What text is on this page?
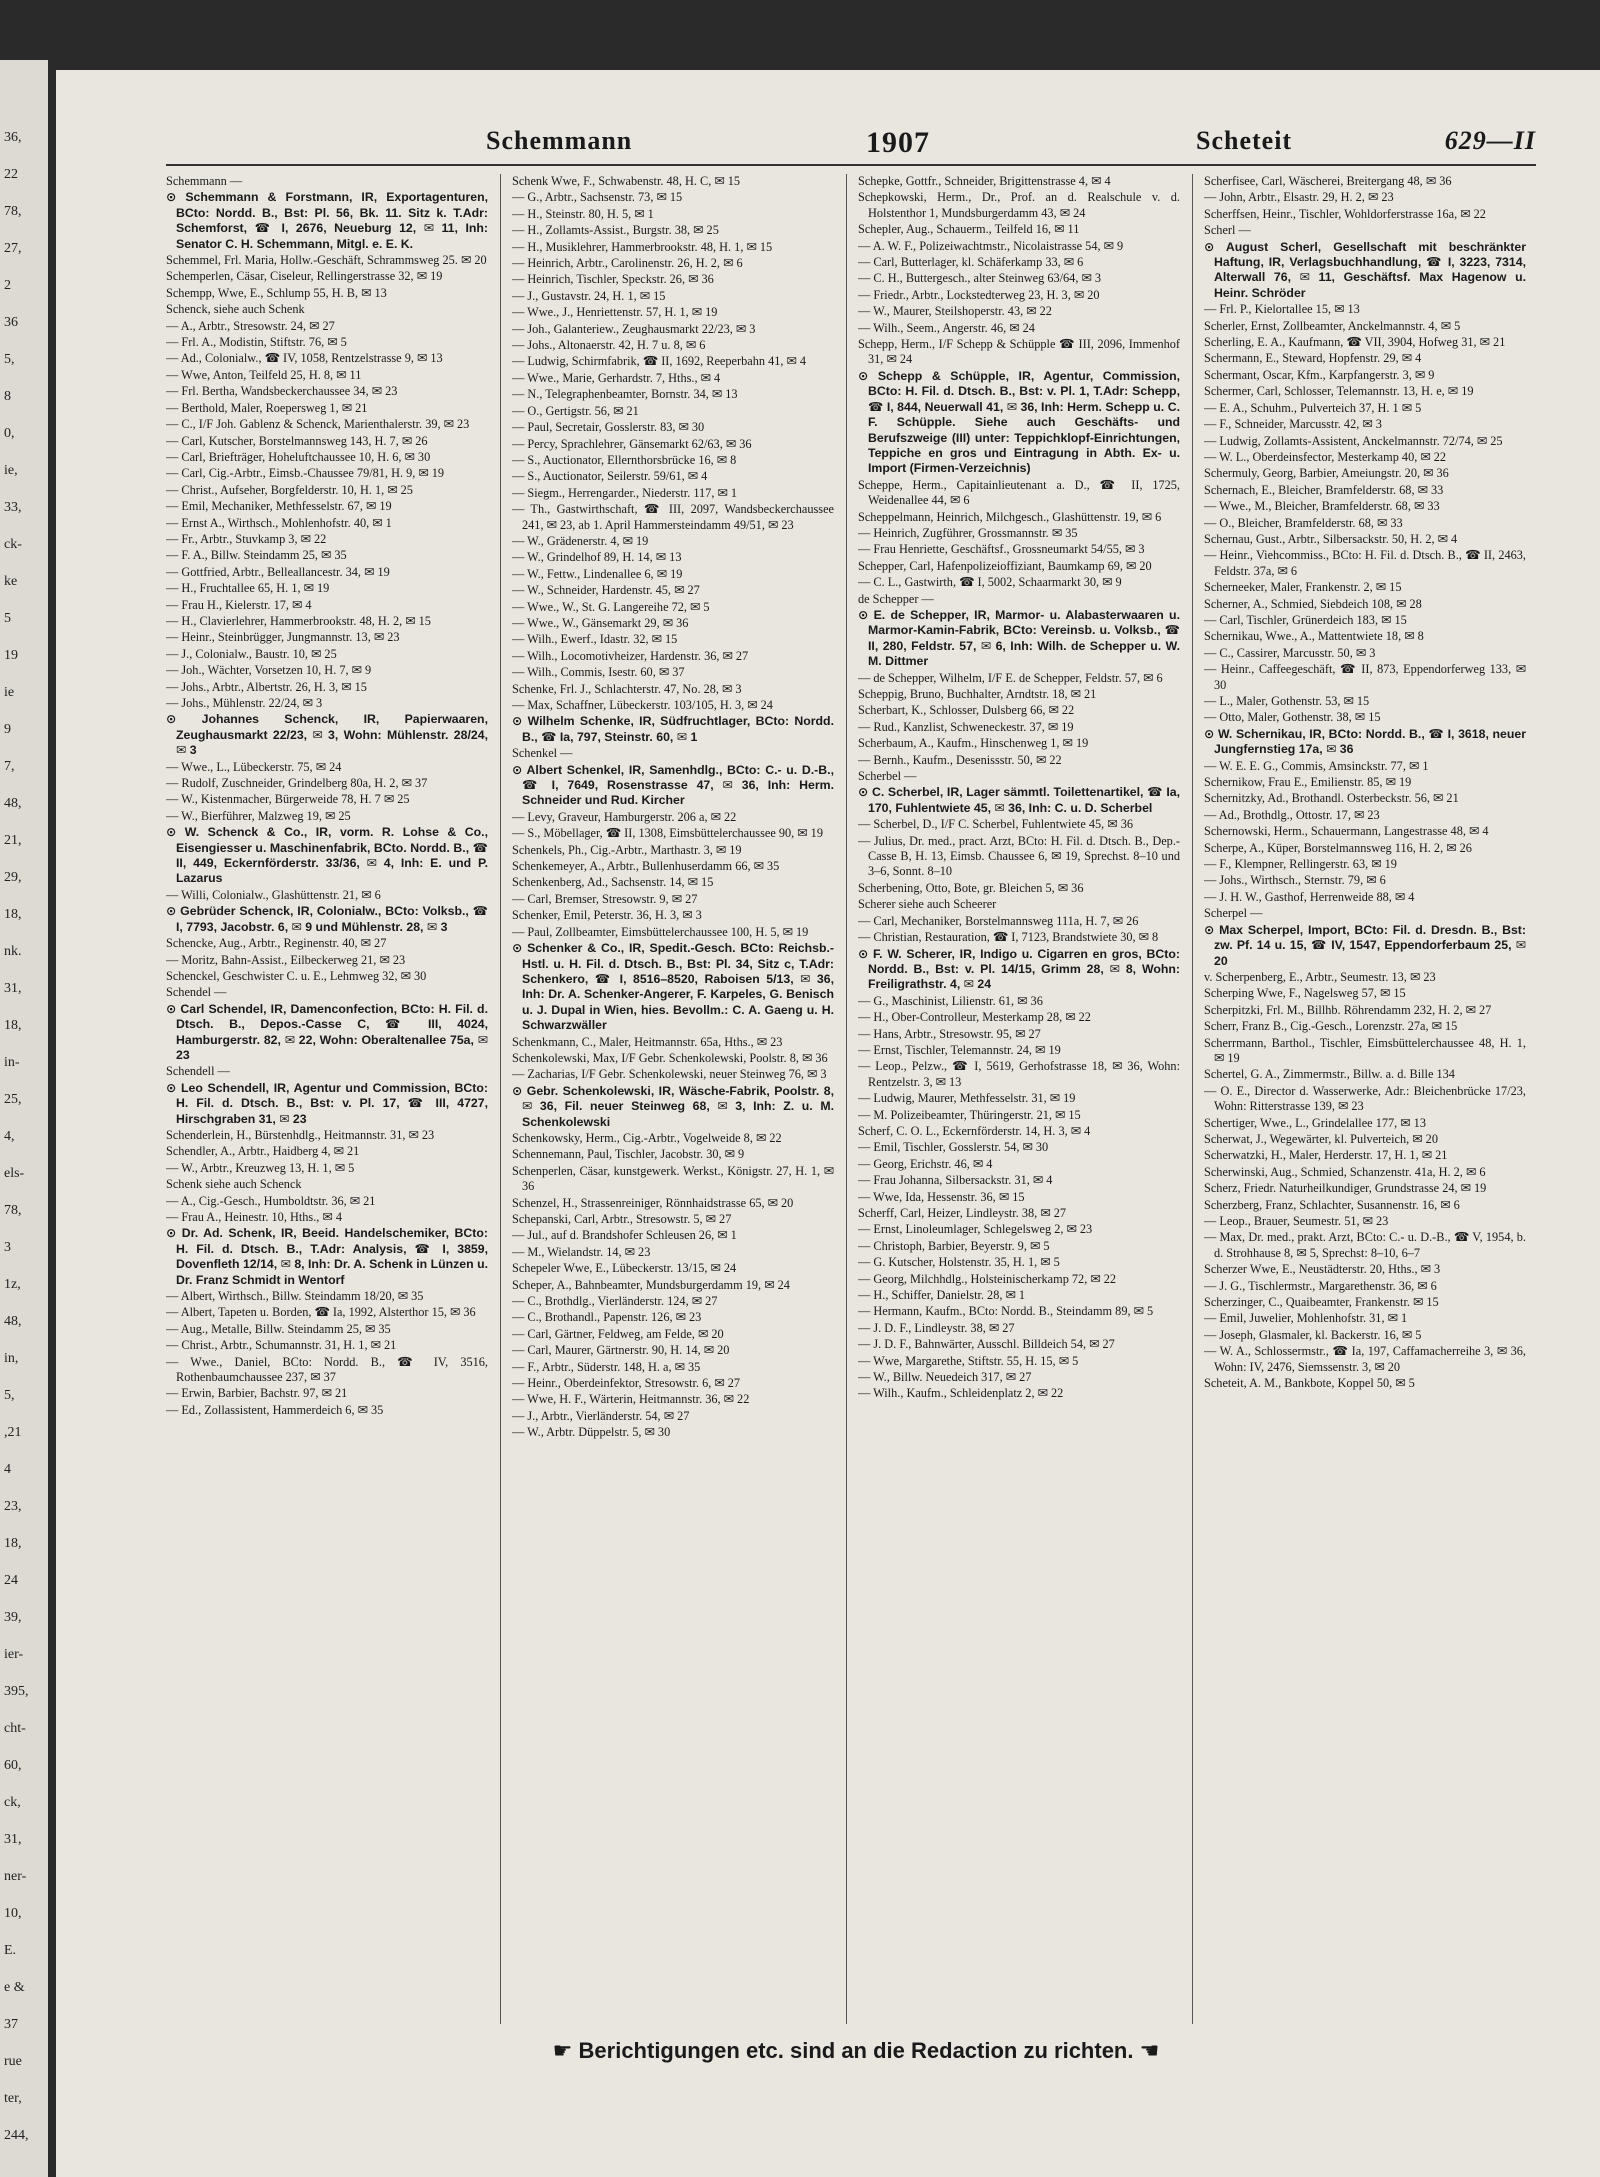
36,
22
78,
27,
2
36
5,
8
0,
ie,
33,
ck-
ke
5
19
ie
9
7,
48,
21,
29,
18,
nk.
31,
18,
in-
25,
4,
els-
78,
3
1z,
48,
in,
5,
,21
4
23,
18,
24
39,
ier-
395,
cht-
60,
ck,
31,
ner-
10,
E.
e &
37
rue
ter,
244,
Schemmann	1907	Scheteit	629—II

Schemmann —

⊙ Schemmann & Forstmann, IR, Exportagenturen, BCto: Nordd. B., Bst: Pl. 56, Bk. 11. Sitz k. T.Adr: Schemforst, ☎ I, 2676, Neueburg 12, ✉ 11, Inh: Senator C. H. Schemmann, Mitgl. e. E. K.

Schemmel, Frl. Maria, Hollw.-Geschäft, Schrammsweg 25. ✉ 20

Schemperlen, Cäsar, Ciseleur, Rellingerstrasse 32, ✉ 19

Schempp, Wwe, E., Schlump 55, H. B, ✉ 13

Schenck, siehe auch Schenk

— A., Arbtr., Stresowstr. 24, ✉ 27

— Frl. A., Modistin, Stiftstr. 76, ✉ 5

— Ad., Colonialw., ☎ IV, 1058, Rentzelstrasse 9, ✉ 13

— Wwe, Anton, Teilfeld 25, H. 8, ✉ 11

— Frl. Bertha, Wandsbeckerchaussee 34, ✉ 23

— Berthold, Maler, Roepersweg 1, ✉ 21

— C., I/F Joh. Gablenz & Schenck, Marienthalerstr. 39, ✉ 23

— Carl, Kutscher, Borstelmannsweg 143, H. 7, ✉ 26

— Carl, Briefträger, Hoheluftchaussee 10, H. 6, ✉ 30

— Carl, Cig.-Arbtr., Eimsb.-Chaussee 79/81, H. 9, ✉ 19

— Christ., Aufseher, Borgfelderstr. 10, H. 1, ✉ 25

— Emil, Mechaniker, Methfesselstr. 67, ✉ 19

— Ernst A., Wirthsch., Mohlenhofstr. 40, ✉ 1

— Fr., Arbtr., Stuvkamp 3, ✉ 22

— F. A., Billw. Steindamm 25, ✉ 35

— Gottfried, Arbtr., Belleallancestr. 34, ✉ 19

— H., Fruchtallee 65, H. 1, ✉ 19

— Frau H., Kielerstr. 17, ✉ 4

— H., Clavierlehrer, Hammerbrookstr. 48, H. 2, ✉ 15

— Heinr., Steinbrügger, Jungmannstr. 13, ✉ 23

— J., Colonialw., Baustr. 10, ✉ 25

— Joh., Wächter, Vorsetzen 10, H. 7, ✉ 9

— Johs., Arbtr., Albertstr. 26, H. 3, ✉ 15

— Johs., Mühlenstr. 22/24, ✉ 3

⊙ Johannes Schenck, IR, Papierwaaren, Zeughausmarkt 22/23, ✉ 3, Wohn: Mühlenstr. 28/24, ✉ 3

— Wwe., L., Lübeckerstr. 75, ✉ 24

— Rudolf, Zuschneider, Grindelberg 80a, H. 2, ✉ 37

— W., Kistenmacher, Bürgerweide 78, H. 7 ✉ 25

— W., Bierführer, Malzweg 19, ✉ 25

⊙ W. Schenck & Co., IR, vorm. R. Lohse & Co., Eisengiesser u. Maschinenfabrik, BCto. Nordd. B., ☎ II, 449, Eckernförderstr. 33/36, ✉ 4, Inh: E. und P. Lazarus

— Willi, Colonialw., Glashüttenstr. 21, ✉ 6

⊙ Gebrüder Schenck, IR, Colonialw., BCto: Volksb., ☎ I, 7793, Jacobstr. 6, ✉ 9 und Mühlenstr. 28, ✉ 3

Schencke, Aug., Arbtr., Reginenstr. 40, ✉ 27

— Moritz, Bahn-Assist., Eilbeckerweg 21, ✉ 23

Schenckel, Geschwister C. u. E., Lehmweg 32, ✉ 30

Schendel —

⊙ Carl Schendel, IR, Damenconfection, BCto: H. Fil. d. Dtsch. B., Depos.-Casse C, ☎ III, 4024, Hamburgerstr. 82, ✉ 22, Wohn: Oberaltenallee 75a, ✉ 23

Schendell —

⊙ Leo Schendell, IR, Agentur und Commission, BCto: H. Fil. d. Dtsch. B., Bst: v. Pl. 17, ☎ III, 4727, Hirschgraben 31, ✉ 23

Schenderlein, H., Bürstenhdlg., Heitmannstr. 31, ✉ 23

Schendler, A., Arbtr., Haidberg 4, ✉ 21

— W., Arbtr., Kreuzweg 13, H. 1, ✉ 5

Schenk siehe auch Schenck

— A., Cig.-Gesch., Humboldtstr. 36, ✉ 21

— Frau A., Heinestr. 10, Hths., ✉ 4

⊙ Dr. Ad. Schenk, IR, Beeid. Handelschemiker, BCto: H. Fil. d. Dtsch. B., T.Adr: Analysis, ☎ I, 3859, Dovenfleth 12/14, ✉ 8, Inh: Dr. A. Schenk in Lünzen u. Dr. Franz Schmidt in Wentorf

— Albert, Wirthsch., Billw. Steindamm 18/20, ✉ 35

— Albert, Tapeten u. Borden, ☎ Ia, 1992, Alsterthor 15, ✉ 36

— Aug., Metalle, Billw. Steindamm 25, ✉ 35

— Christ., Arbtr., Schumannstr. 31, H. 1, ✉ 21

— Wwe., Daniel, BCto: Nordd. B., ☎ IV, 3516, Rothenbaumchaussee 237, ✉ 37

— Erwin, Barbier, Bachstr. 97, ✉ 21

— Ed., Zollassistent, Hammerdeich 6, ✉ 35

Schenk Wwe, F., Schwabenstr. 48, H. C, ✉ 15

— G., Arbtr., Sachsenstr. 73, ✉ 15

— H., Steinstr. 80, H. 5, ✉ 1

— H., Zollamts-Assist., Burgstr. 38, ✉ 25

— H., Musiklehrer, Hammerbrookstr. 48, H. 1, ✉ 15

— Heinrich, Arbtr., Carolinenstr. 26, H. 2, ✉ 6

— Heinrich, Tischler, Speckstr. 26, ✉ 36

— J., Gustavstr. 24, H. 1, ✉ 15

— Wwe., J., Henriettenstr. 57, H. 1, ✉ 19

— Joh., Galanteriew., Zeughausmarkt 22/23, ✉ 3

— Johs., Altonaerstr. 42, H. 7 u. 8, ✉ 6

— Ludwig, Schirmfabrik, ☎ II, 1692, Reeperbahn 41, ✉ 4

— Wwe., Marie, Gerhardstr. 7, Hths., ✉ 4

— N., Telegraphenbeamter, Bornstr. 34, ✉ 13

— O., Gertigstr. 56, ✉ 21

— Paul, Secretair, Gosslerstr. 83, ✉ 30

— Percy, Sprachlehrer, Gänsemarkt 62/63, ✉ 36

— S., Auctionator, Ellernthorsbrücke 16, ✉ 8

— S., Auctionator, Seilerstr. 59/61, ✉ 4

— Siegm., Herrengarder., Niederstr. 117, ✉ 1

— Th., Gastwirthschaft, ☎ III, 2097, Wandsbeckerchaussee 241, ✉ 23, ab 1. April Hammersteindamm 49/51, ✉ 23

— W., Grädenerstr. 4, ✉ 19

— W., Grindelhof 89, H. 14, ✉ 13

— W., Fettw., Lindenallee 6, ✉ 19

— W., Schneider, Hardenstr. 45, ✉ 27

— Wwe., W., St. G. Langereihe 72, ✉ 5

— Wwe., W., Gänsemarkt 29, ✉ 36

— Wilh., Ewerf., Idastr. 32, ✉ 15

— Wilh., Locomotivheizer, Hardenstr. 36, ✉ 27

— Wilh., Commis, Isestr. 60, ✉ 37

Schenke, Frl. J., Schlachterstr. 47, No. 28, ✉ 3

— Max, Schaffner, Lübeckerstr. 103/105, H. 3, ✉ 24

⊙ Wilhelm Schenke, IR, Südfruchtlager, BCto: Nordd. B., ☎ Ia, 797, Steinstr. 60, ✉ 1

Schenkel —

⊙ Albert Schenkel, IR, Samenhdlg., BCto: C.- u. D.-B., ☎ I, 7649, Rosenstrasse 47, ✉ 36, Inh: Herm. Schneider und Rud. Kircher

— Levy, Graveur, Hamburgerstr. 206 a, ✉ 22

— S., Möbellager, ☎ II, 1308, Eimsbüttelerchaussee 90, ✉ 19

Schenkels, Ph., Cig.-Arbtr., Marthastr. 3, ✉ 19

Schenkemeyer, A., Arbtr., Bullenhuserdamm 66, ✉ 35

Schenkenberg, Ad., Sachsenstr. 14, ✉ 15

— Carl, Bremser, Stresowstr. 9, ✉ 27

Schenker, Emil, Peterstr. 36, H. 3, ✉ 3

— Paul, Zollbeamter, Eimsbüttelerchaussee 100, H. 5, ✉ 19

⊙ Schenker & Co., IR, Spedit.-Gesch. BCto: Reichsb.-Hstl. u. H. Fil. d. Dtsch. B., Bst: Pl. 34, Sitz c, T.Adr: Schenkero, ☎ I, 8516–8520, Raboisen 5/13, ✉ 36, Inh: Dr. A. Schenker-Angerer, F. Karpeles, G. Benisch u. J. Dupal in Wien, hies. Bevollm.: C. A. Gaeng u. H. Schwarzwäller

Schenkmann, C., Maler, Heitmannstr. 65a, Hths., ✉ 23

Schenkolewski, Max, I/F Gebr. Schenkolewski, Poolstr. 8, ✉ 36

— Zacharias, I/F Gebr. Schenkolewski, neuer Steinweg 76, ✉ 3

⊙ Gebr. Schenkolewski, IR, Wäsche-Fabrik, Poolstr. 8, ✉ 36, Fil. neuer Steinweg 68, ✉ 3, Inh: Z. u. M. Schenkolewski

Schenkowsky, Herm., Cig.-Arbtr., Vogelweide 8, ✉ 22

Schennemann, Paul, Tischler, Jacobstr. 30, ✉ 9

Schenperlen, Cäsar, kunstgewerk. Werkst., Königstr. 27, H. 1, ✉ 36

Schenzel, H., Strassenreiniger, Rönnhaidstrasse 65, ✉ 20

Schepanski, Carl, Arbtr., Stresowstr. 5, ✉ 27

— Jul., auf d. Brandshofer Schleusen 26, ✉ 1

— M., Wielandstr. 14, ✉ 23

Schepeler Wwe, E., Lübeckerstr. 13/15, ✉ 24

Scheper, A., Bahnbeamter, Mundsburgerdamm 19, ✉ 24

— C., Brothdlg., Vierländerstr. 124, ✉ 27

— C., Brothandl., Papenstr. 126, ✉ 23

— Carl, Gärtner, Feldweg, am Felde, ✉ 20

— Carl, Maurer, Gärtnerstr. 90, H. 14, ✉ 20

— F., Arbtr., Süderstr. 148, H. a, ✉ 35

— Heinr., Oberdeinfektor, Stresowstr. 6, ✉ 27

— Wwe, H. F., Wärterin, Heitmannstr. 36, ✉ 22

— J., Arbtr., Vierländerstr. 54, ✉ 27

— W., Arbtr. Düppelstr. 5, ✉ 30

Schepke, Gottfr., Schneider, Brigittenstrasse 4, ✉ 4

Schepkowski, Herm., Dr., Prof. an d. Realschule v. d. Holstenthor 1, Mundsburgerdamm 43, ✉ 24

Schepler, Aug., Schauerm., Teilfeld 16, ✉ 11

— A. W. F., Polizeiwachtmstr., Nicolaistrasse 54, ✉ 9

— Carl, Butterlager, kl. Schäferkamp 33, ✉ 6

— C. H., Buttergesch., alter Steinweg 63/64, ✉ 3

— Friedr., Arbtr., Lockstedterweg 23, H. 3, ✉ 20

— W., Maurer, Steilshoperstr. 43, ✉ 22

— Wilh., Seem., Angerstr. 46, ✉ 24

Schepp, Herm., I/F Schepp & Schüpple ☎ III, 2096, Immenhof 31, ✉ 24

⊙ Schepp & Schüpple, IR, Agentur, Commission, BCto: H. Fil. d. Dtsch. B., Bst: v. Pl. 1, T.Adr: Schepp, ☎ I, 844, Neuerwall 41, ✉ 36, Inh: Herm. Schepp u. C. F. Schüpple. Siehe auch Geschäfts- und Berufszweige (III) unter: Teppichklopf-Einrichtungen, Teppiche en gros und Eintragung in Abth. Ex- u. Import (Firmen-Verzeichnis)

Scheppe, Herm., Capitainlieutenant a. D., ☎ II, 1725, Weidenallee 44, ✉ 6

Scheppelmann, Heinrich, Milchgesch., Glashüttenstr. 19, ✉ 6

— Heinrich, Zugführer, Grossmannstr. ✉ 35

— Frau Henriette, Geschäftsf., Grossneumarkt 54/55, ✉ 3

Schepper, Carl, Hafenpolizeioffiziant, Baumkamp 69, ✉ 20

— C. L., Gastwirth, ☎ I, 5002, Schaarmarkt 30, ✉ 9

de Schepper —

⊙ E. de Schepper, IR, Marmor- u. Alabasterwaaren u. Marmor-Kamin-Fabrik, BCto: Vereinsb. u. Volksb., ☎ II, 280, Feldstr. 57, ✉ 6, Inh: Wilh. de Schepper u. W. M. Dittmer

— de Schepper, Wilhelm, I/F E. de Schepper, Feldstr. 57, ✉ 6

Scheppig, Bruno, Buchhalter, Arndtstr. 18, ✉ 21

Scherbart, K., Schlosser, Dulsberg 66, ✉ 22

— Rud., Kanzlist, Schweneckestr. 37, ✉ 19

Scherbaum, A., Kaufm., Hinschenweg 1, ✉ 19

— Bernh., Kaufm., Desenissstr. 50, ✉ 22

Scherbel —

⊙ C. Scherbel, IR, Lager sämmtl. Toilettenartikel, ☎ Ia, 170, Fuhlentwiete 45, ✉ 36, Inh: C. u. D. Scherbel

— Scherbel, D., I/F C. Scherbel, Fuhlentwiete 45, ✉ 36

— Julius, Dr. med., pract. Arzt, BCto: H. Fil. d. Dtsch. B., Dep.-Casse B, H. 13, Eimsb. Chaussee 6, ✉ 19, Sprechst. 8–10 und 3–6, Sonnt. 8–10

Scherbening, Otto, Bote, gr. Bleichen 5, ✉ 36

Scherer siehe auch Scheerer

— Carl, Mechaniker, Borstelmannsweg 111a, H. 7, ✉ 26

— Christian, Restauration, ☎ I, 7123, Brandstwiete 30, ✉ 8

⊙ F. W. Scherer, IR, Indigo u. Cigarren en gros, BCto: Nordd. B., Bst: v. Pl. 14/15, Grimm 28, ✉ 8, Wohn: Freiligrathstr. 4, ✉ 24

— G., Maschinist, Lilienstr. 61, ✉ 36

— H., Ober-Controlleur, Mesterkamp 28, ✉ 22

— Hans, Arbtr., Stresowstr. 95, ✉ 27

— Ernst, Tischler, Telemannstr. 24, ✉ 19

— Leop., Pelzw., ☎ I, 5619, Gerhofstrasse 18, ✉ 36, Wohn: Rentzelstr. 3, ✉ 13

— Ludwig, Maurer, Methfesselstr. 31, ✉ 19

— M. Polizeibeamter, Thüringerstr. 21, ✉ 15

Scherf, C. O. L., Eckernförderstr. 14, H. 3, ✉ 4

— Emil, Tischler, Gosslerstr. 54, ✉ 30

— Georg, Erichstr. 46, ✉ 4

— Frau Johanna, Silbersackstr. 31, ✉ 4

— Wwe, Ida, Hessenstr. 36, ✉ 15

Scherff, Carl, Heizer, Lindleystr. 38, ✉ 27

— Ernst, Linoleumlager, Schlegelsweg 2, ✉ 23

— Christoph, Barbier, Beyerstr. 9, ✉ 5

— G. Kutscher, Holstenstr. 35, H. 1, ✉ 5

— Georg, Milchhdlg., Holsteinischerkamp 72, ✉ 22

— H., Schiffer, Danielstr. 28, ✉ 1

— Hermann, Kaufm., BCto: Nordd. B., Steindamm 89, ✉ 5

— J. D. F., Lindleystr. 38, ✉ 27

— J. D. F., Bahnwärter, Ausschl. Billdeich 54, ✉ 27

— Wwe, Margarethe, Stiftstr. 55, H. 15, ✉ 5

— W., Billw. Neuedeich 317, ✉ 27

— Wilh., Kaufm., Schleidenplatz 2, ✉ 22

Scherfisee, Carl, Wäscherei, Breitergang 48, ✉ 36

— John, Arbtr., Elsastr. 29, H. 2, ✉ 23

Scherffsen, Heinr., Tischler, Wohldorferstrasse 16a, ✉ 22

Scherl —

⊙ August Scherl, Gesellschaft mit beschränkter Haftung, IR, Verlagsbuchhandlung, ☎ I, 3223, 7314, Alterwall 76, ✉ 11, Geschäftsf. Max Hagenow u. Heinr. Schröder

— Frl. P., Kielortallee 15, ✉ 13

Scherler, Ernst, Zollbeamter, Anckelmannstr. 4, ✉ 5

Scherling, E. A., Kaufmann, ☎ VII, 3904, Hofweg 31, ✉ 21

Schermann, E., Steward, Hopfenstr. 29, ✉ 4

Schermant, Oscar, Kfm., Karpfangerstr. 3, ✉ 9

Schermer, Carl, Schlosser, Telemannstr. 13, H. e, ✉ 19

— E. A., Schuhm., Pulverteich 37, H. 1 ✉ 5

— F., Schneider, Marcusstr. 42, ✉ 3

— Ludwig, Zollamts-Assistent, Anckelmannstr. 72/74, ✉ 25

— W. L., Oberdeinsfector, Mesterkamp 40, ✉ 22

Schermuly, Georg, Barbier, Ameiungstr. 20, ✉ 36

Schernach, E., Bleicher, Bramfelderstr. 68, ✉ 33

— Wwe., M., Bleicher, Bramfelderstr. 68, ✉ 33

— O., Bleicher, Bramfelderstr. 68, ✉ 33

Schernau, Gust., Arbtr., Silbersackstr. 50, H. 2, ✉ 4

— Heinr., Viehcommiss., BCto: H. Fil. d. Dtsch. B., ☎ II, 2463, Feldstr. 37a, ✉ 6

Scherneeker, Maler, Frankenstr. 2, ✉ 15

Scherner, A., Schmied, Siebdeich 108, ✉ 28

— Carl, Tischler, Grünerdeich 183, ✉ 15

Schernikau, Wwe., A., Mattentwiete 18, ✉ 8

— C., Cassirer, Marcusstr. 50, ✉ 3

— Heinr., Caffeegeschäft, ☎ II, 873, Eppendorferweg 133, ✉ 30

— L., Maler, Gothenstr. 53, ✉ 15

— Otto, Maler, Gothenstr. 38, ✉ 15

⊙ W. Schernikau, IR, BCto: Nordd. B., ☎ I, 3618, neuer Jungfernstieg 17a, ✉ 36

— W. E. E. G., Commis, Amsinckstr. 77, ✉ 1

Schernikow, Frau E., Emilienstr. 85, ✉ 19

Schernitzky, Ad., Brothandl. Osterbeckstr. 56, ✉ 21

— Ad., Brothdlg., Ottostr. 17, ✉ 23

Schernowski, Herm., Schauermann, Langestrasse 48, ✉ 4

Scherpe, A., Küper, Borstelmannsweg 116, H. 2, ✉ 26

— F., Klempner, Rellingerstr. 63, ✉ 19

— Johs., Wirthsch., Sternstr. 79, ✉ 6

— J. H. W., Gasthof, Herrenweide 88, ✉ 4

Scherpel —

⊙ Max Scherpel, Import, BCto: Fil. d. Dresdn. B., Bst: zw. Pf. 14 u. 15, ☎ IV, 1547, Eppendorferbaum 25, ✉ 20

v. Scherpenberg, E., Arbtr., Seumestr. 13, ✉ 23

Scherping Wwe, F., Nagelsweg 57, ✉ 15

Scherpitzki, Frl. M., Billhb. Röhrendamm 232, H. 2, ✉ 27

Scherr, Franz B., Cig.-Gesch., Lorenzstr. 27a, ✉ 15

Scherrmann, Barthol., Tischler, Eimsbüttelerchaussee 48, H. 1, ✉ 19

Schertel, G. A., Zimmermstr., Billw. a. d. Bille 134

— O. E., Director d. Wasserwerke, Adr.: Bleichenbrücke 17/23, Wohn: Ritterstrasse 139, ✉ 23

Schertiger, Wwe., L., Grindelallee 177, ✉ 13

Scherwat, J., Wegewärter, kl. Pulverteich, ✉ 20

Scherwatzki, H., Maler, Herderstr. 17, H. 1, ✉ 21

Scherwinski, Aug., Schmied, Schanzenstr. 41a, H. 2, ✉ 6

Scherz, Friedr. Naturheilkundiger, Grundstrasse 24, ✉ 19

Scherzberg, Franz, Schlachter, Susannenstr. 16, ✉ 6

— Leop., Brauer, Seumestr. 51, ✉ 23

— Max, Dr. med., prakt. Arzt, BCto: C.- u. D.-B., ☎ V, 1954, b. d. Strohhause 8, ✉ 5, Sprechst: 8–10, 6–7

Scherzer Wwe, E., Neustädterstr. 20, Hths., ✉ 3

— J. G., Tischlermstr., Margarethenstr. 36, ✉ 6

Scherzinger, C., Quaibeamter, Frankenstr. ✉ 15

— Emil, Juwelier, Mohlenhofstr. 31, ✉ 1

— Joseph, Glasmaler, kl. Backerstr. 16, ✉ 5

— W. A., Schlossermstr., ☎ Ia, 197, Caffamacherreihe 3, ✉ 36, Wohn: IV, 2476, Siemssenstr. 3, ✉ 20

Scheteit, A. M., Bankbote, Koppel 50, ✉ 5

☛ Berichtigungen etc. sind an die Redaction zu richten. ☚
